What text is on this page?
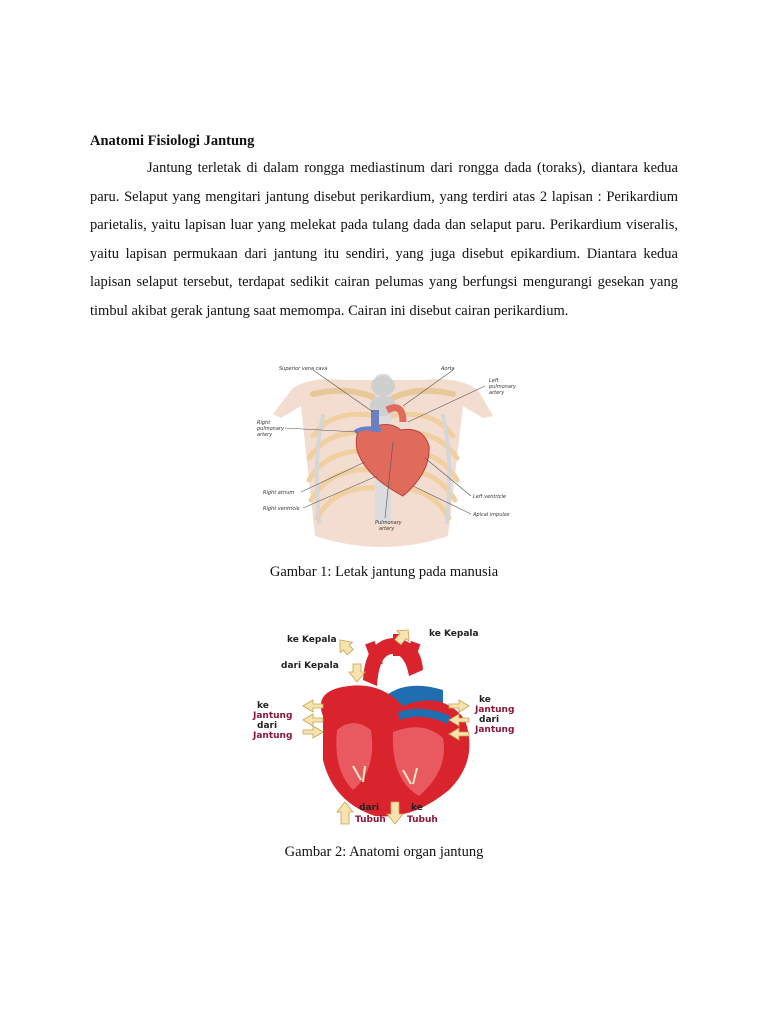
Anatomi Fisiologi Jantung

Jantung terletak di dalam rongga mediastinum dari rongga dada (toraks), diantara kedua paru. Selaput yang mengitari jantung disebut perikardium, yang terdiri atas 2 lapisan : Perikardium parietalis, yaitu lapisan luar yang melekat pada tulang dada dan selaput paru. Perikardium viseralis, yaitu lapisan permukaan dari jantung itu sendiri, yang juga disebut epikardium. Diantara kedua lapisan selaput tersebut, terdapat sedikit cairan pelumas yang berfungsi mengurangi gesekan yang timbul akibat gerak jantung saat memompa. Cairan ini disebut cairan perikardium.

Gambar 1: Letak jantung pada manusia
Gambar 2: Anatomi organ jantung
Superior vena cava	Aorta
Left
pulmonary
artery
Right
pulmonary
artery
Right atrium
Right ventricle
Left ventricle
Apical impulse
Pulmonary
artery
ke Kepala
ke Kepala
dari Kepala
ke
Jantung
dari
Jantung
ke
Jantung
dari
Jantung
dari
Tubuh
ke
Tubuh
